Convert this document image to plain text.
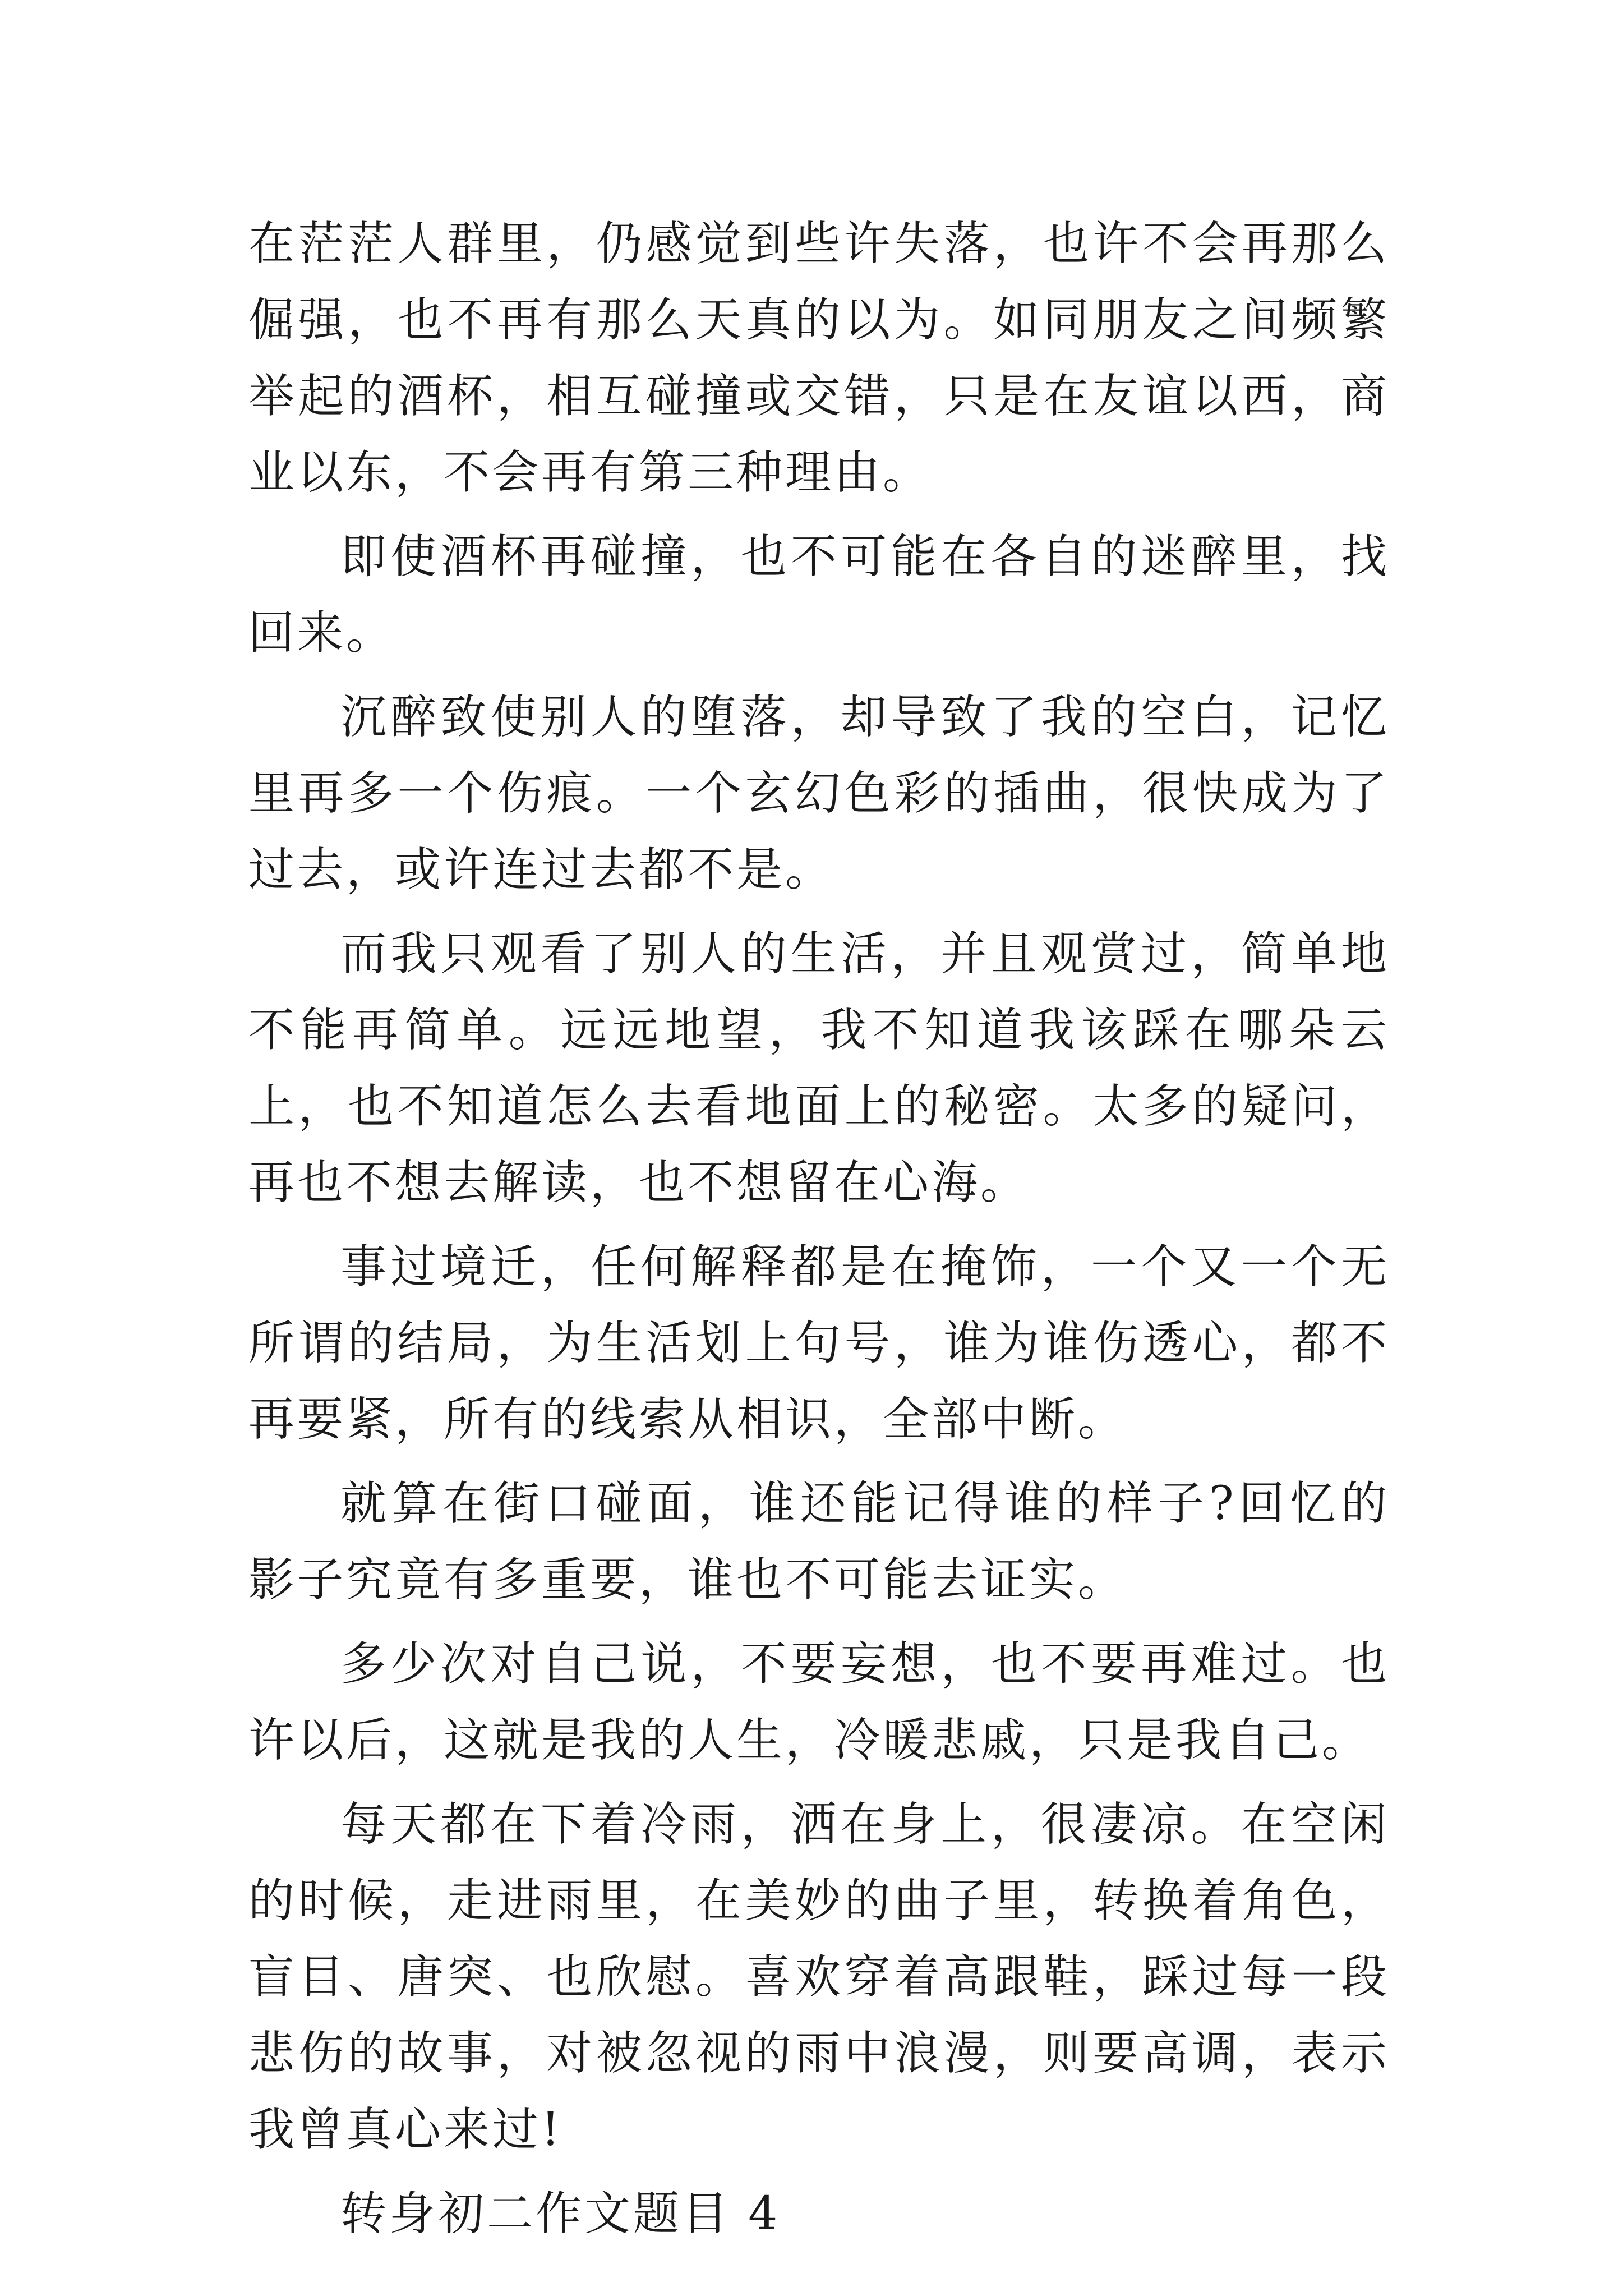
在茫茫人群里，仍感觉到些许失落，也许不会再那么倔强，也不再有那么天真的以为。如同朋友之间频繁举起的酒杯，相互碰撞或交错，只是在友谊以西，商业以东，不会再有第三种理由。

即使酒杯再碰撞，也不可能在各自的迷醉里，找回来。

沉醉致使别人的堕落，却导致了我的空白，记忆里再多一个伤痕。一个玄幻色彩的插曲，很快成为了过去，或许连过去都不是。

而我只观看了别人的生活，并且观赏过，简单地不能再简单。远远地望，我不知道我该踩在哪朵云上，也不知道怎么去看地面上的秘密。太多的疑问，再也不想去解读，也不想留在心海。

事过境迁，任何解释都是在掩饰，一个又一个无所谓的结局，为生活划上句号，谁为谁伤透心，都不再要紧，所有的线索从相识，全部中断。

就算在街口碰面，谁还能记得谁的样子?回忆的影子究竟有多重要，谁也不可能去证实。

多少次对自己说，不要妄想，也不要再难过。也许以后，这就是我的人生，冷暖悲戚，只是我自己。

每天都在下着冷雨，洒在身上，很凄凉。在空闲的时候，走进雨里，在美妙的曲子里，转换着角色，盲目、唐突、也欣慰。喜欢穿着高跟鞋，踩过每一段悲伤的故事，对被忽视的雨中浪漫，则要高调，表示我曾真心来过!

转身初二作文题目 4
